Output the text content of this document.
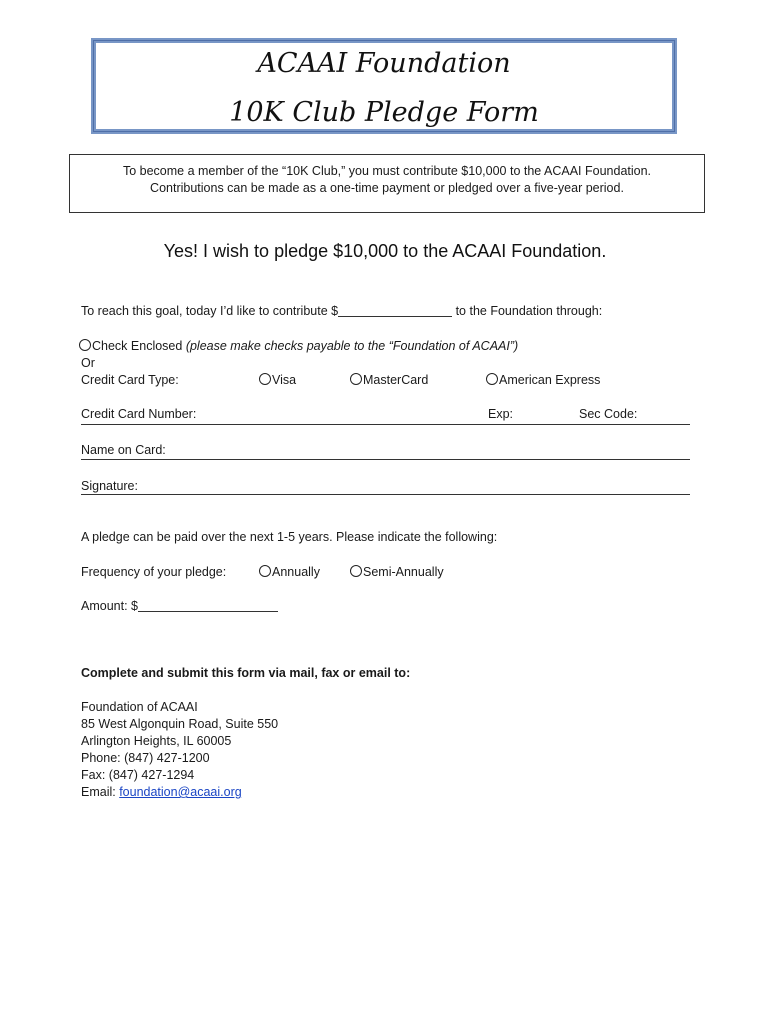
ACAAI Foundation
10K Club Pledge Form
To become a member of the “10K Club,” you must contribute $10,000 to the ACAAI Foundation.
Contributions can be made as a one-time payment or pledged over a five-year period.
Yes! I wish to pledge $10,000 to the ACAAI Foundation.
To reach this goal, today I’d like to contribute $	to the Foundation through:
Check Enclosed (please make checks payable to the “Foundation of ACAAI”)
Or
Credit Card Type:	Visa	MasterCard	American Express
Credit Card Number:	Exp:	Sec Code:
Name on Card:
Signature:
A pledge can be paid over the next 1-5 years. Please indicate the following:
Frequency of your pledge:	Annually	Semi-Annually
Amount: $
Complete and submit this form via mail, fax or email to:
Foundation of ACAAI
85 West Algonquin Road, Suite 550
Arlington Heights, IL 60005
Phone: (847) 427-1200
Fax: (847) 427-1294
Email: foundation@acaai.org
